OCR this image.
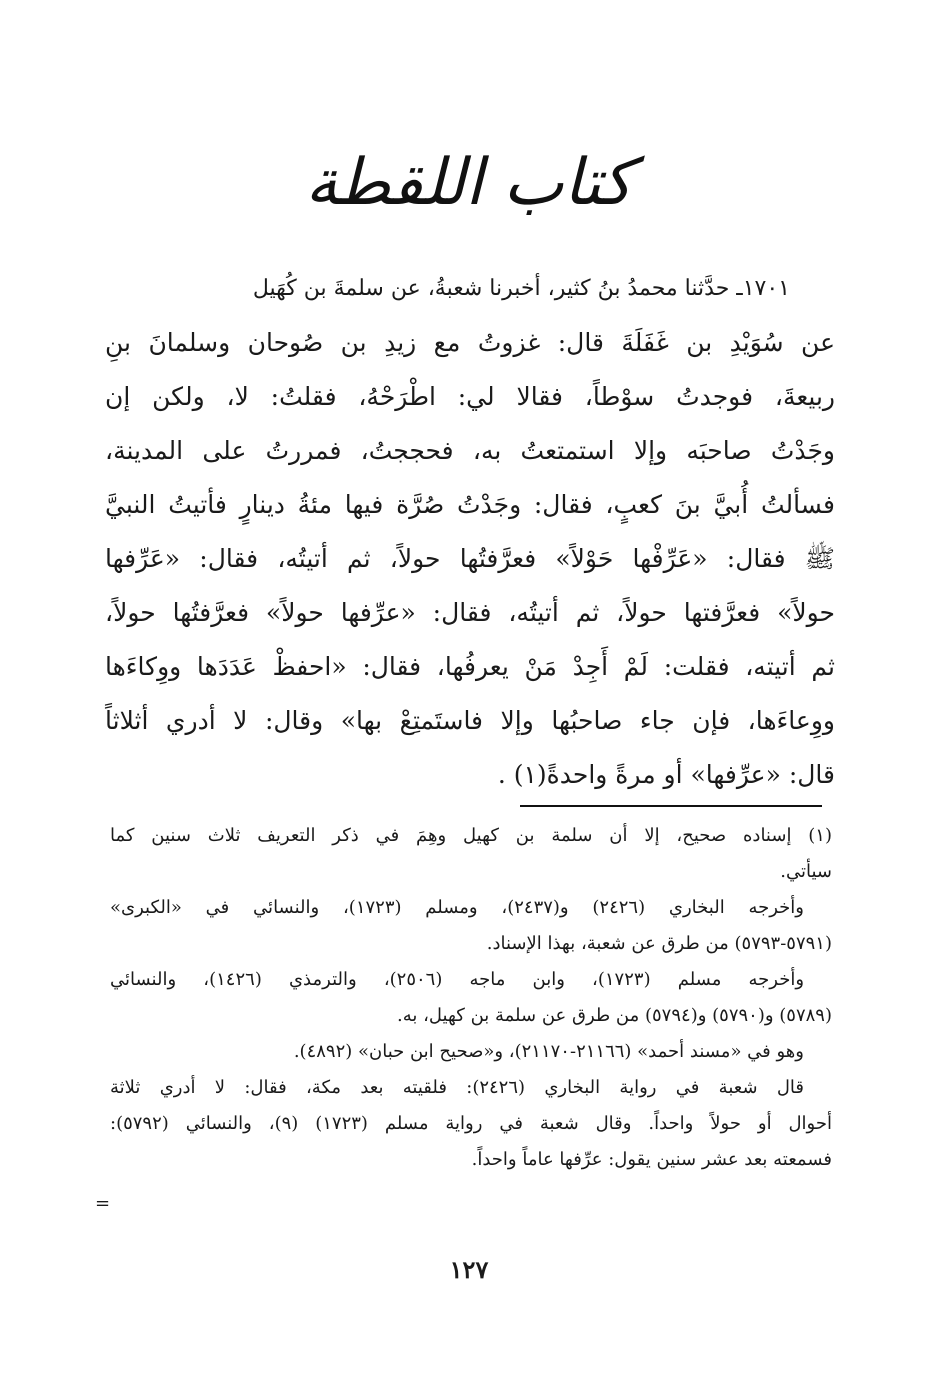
كتاب اللقطة
١٧٠١ـ حدَّثنا محمدُ بنُ كثير، أخبرنا شعبةُ، عن سلمةَ بن كُهَيل
عن سُوَيْدِ بن غَفَلَةَ قال: غزوتُ مع زيدِ بن صُوحان وسلمانَ بنِ
ربيعةَ، فوجدتُ سوْطاً، فقالا لي: اطْرَحْهُ، فقلتُ: لا، ولكن إن
وجَدْتُ صاحبَه وإلا استمتعتُ به، فحججتُ، فمررتُ على المدينة،
فسألتُ أُبيَّ بنَ كعبٍ، فقال: وجَدْتُ صُرَّة فيها مئةُ دينارٍ فأتيتُ النبيَّ
ﷺ فقال: «عَرِّفْها حَوْلاً» فعرَّفتُها حولاً، ثم أتيتُه، فقال: «عَرِّفها
حولاً» فعرَّفتها حولاً، ثم أتيتُه، فقال: «عرِّفها حولاً» فعرَّفتُها حولاً،
ثم أتيته، فقلت: لَمْ أَجِدْ مَنْ يعرفُها، فقال: «احفظْ عَدَدَها ووِكاءَها
ووِعاءَها، فإن جاء صاحبُها وإلا فاستَمتِعْ بها» وقال: لا أدري أثلاثاً
قال: «عرِّفها» أو مرةً واحدةً(١) .
(١) إسناده صحيح، إلا أن سلمة بن كهيل وهِمَ في ذكر التعريف ثلاث سنين كما
سيأتي.
وأخرجه البخاري (٢٤٢٦) و(٢٤٣٧)، ومسلم (١٧٢٣)، والنسائي في «الكبرى»
(٥٧٩١-٥٧٩٣) من طرق عن شعبة، بهذا الإسناد.
وأخرجه مسلم (١٧٢٣)، وابن ماجه (٢٥٠٦)، والترمذي (١٤٢٦)، والنسائي
(٥٧٨٩) و(٥٧٩٠) و(٥٧٩٤) من طرق عن سلمة بن كهيل، به.
وهو في «مسند أحمد» (٢١١٦٦-٢١١٧٠)، و«صحيح ابن حبان» (٤٨٩٢).
قال شعبة في رواية البخاري (٢٤٢٦): فلقيته بعد مكة، فقال: لا أدري ثلاثة
أحوال أو حولاً واحداً. وقال شعبة في رواية مسلم (١٧٢٣) (٩)، والنسائي (٥٧٩٢):
فسمعته بعد عشر سنين يقول: عرِّفها عاماً واحداً.
=
١٢٧
